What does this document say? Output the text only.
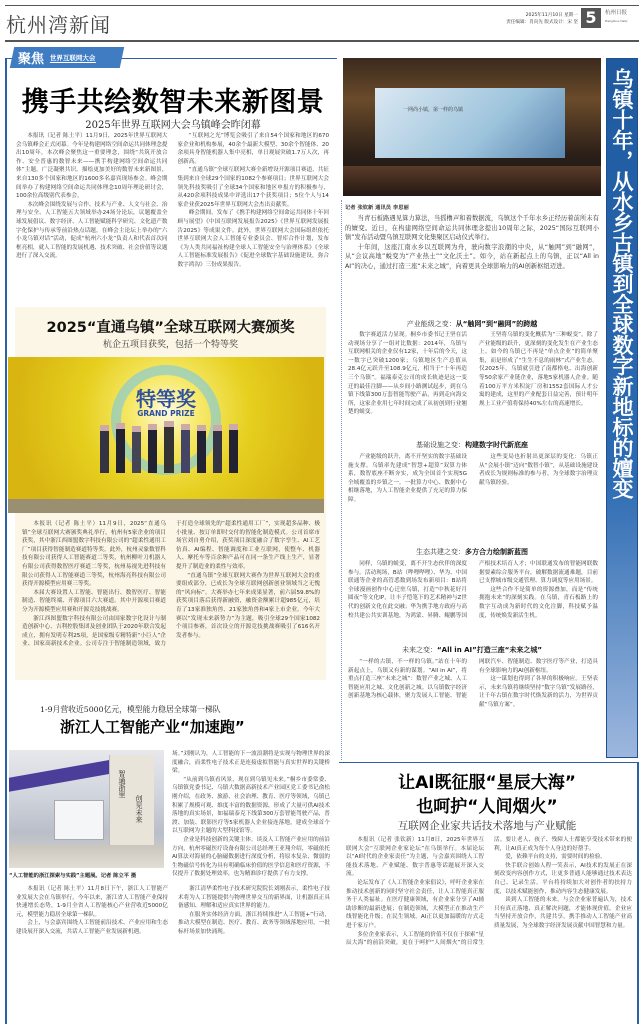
杭州湾新闻	2025年11月10日 星期一
责任编辑：肖向先 版式设计：宋 坚 5	杭州日报
Hangzhou Daily
聚焦 世界互联网大会
携手共绘数智未来新图景
2025年世界互联网大会乌镇峰会昨闭幕

本报讯（记者 陈土平）11月9日，2025年世界互联网大会乌镇峰会正式闭幕。今年是构建网络空间命运共同体理念提出10周年，本次峰会聚焦这一重要理念，围绕“共筑开放合作、安全普惠的数智未来——携手构建网络空间命运共同体”主题，广泛凝聚共识，描绘更加美好的数智未来新图景，来自130多个国家和地区的1600多名嘉宾现场参会。峰会期间举办了构建网络空间命运共同体理念10周年理论研讨会，100余位高级别代表参会。

本次峰会围绕发展与合作、技术与产业、人文与社会、治理与安全、人工智能五大领域举办24场分论坛，议题覆盖全球发展倡议、数字经济、人工智能赋能科学研究、文化遗产数字化保护与传承等前沿热点话题。在峰会主论坛上举办的“六小龙乌镇对话”活动，促成“杭州六小龙”负责人和代表首次同框亮相，就人工智能的发展机遇、技术突破、社会价值等议题进行了深入交流。

“互联网之光”博览会吸引了来自54个国家和地区的670家企业和机构参展，40余个最新大模型、30余个智能体、20余项具身智能机器人集中亮相，单日观展突破1.7万人次，再创新高。

“直通乌镇”全球互联网大赛全新增设开源项目赛道，共征集到来自全球29个国家的1082个参赛项目；世界互联网大会领先科技奖吸引了全球34个国家和地区申报方的积极参与，从420余项科技成果中评选出17个获奖项目；5位个人与14家企业获2025年世界互联网大会杰出贡献奖。

峰会期间，发布了《携手构建网络空间命运共同体十年回顾与展望》《中国互联网发展报告2025》《世界互联网发展报告2025》等成果文件。此外，世界互联网大会国际组织依托世界互联网大会人工智能专业委员会、智库合作计划，发布《为人类共同福祉构建全球人工智能安全与治理体系》《全球人工智能标准发展报告》《促进全球数字基础设施建设，弥合数字鸿沟》三份成果报告。

2025“直通乌镇”全球互联网大赛颁奖
杭企五项目获奖，包括一个特等奖
特等奖
GRAND PRIZE

本报讯（记者 陈土平）11月9日，2025“直通乌镇”全球互联网大赛颁奖典礼举行，杭州有5家企业的项目获奖，其中浙江西图盟数字科技有限公司的“超柔性通用工厂”项目获得智能制造赛道特等奖。此外，杭州灵象数智科技有限公司获得人工智能赛道二等奖，杭州柳叶刀机器人有限公司获得数智医疗赛道二等奖，杭州易视先进科技有限公司获得人工智能赛道三等奖，杭州海亮科技有限公司获得开源模型应用赛三等奖。

本届大赛设置人工智能、智能出行、数智医疗、智能制造、智能终端、开源项目六大赛道。其中开源项目赛道分为开源模型应用赛和开源竞技挑战赛。

浙江西图盟数字科技有限公司由国家数字化设计与制造创新中心、吉利控股集团及创业团队于2020年联合发起成立，拥有发明专利25项，是国家级专精特新“小巨人”企业、国家高新技术企业。公司专注于智能制造领域，致力于打造全球领先的“超柔性通用工厂”，实现超多品种、极小批量、按订单即时交付的智能化制造模式。公司首席市场官刘自勇介绍，获奖项目深度融合了数字孪生、AI工艺仿真、AI编程、智能调度和工业互联网，使整车、机器人、摩托车等百余种产品可在同一条生产线上生产，显著提升了制造业的柔性与效率。

“直通乌镇”全球互联网大赛作为世界互联网大会的重要组成部分，已成长为全球互联网创新创业领域当之无愧的“风向标”。大赛举办七年来成果显著，前六届59.8%的获奖项目落后获得新融资，融资金额累计超985亿元，培育了13家准独角兽、21家独角兽和4家上市企业。今年大赛以“发现未来新势力”为主题，吸引全球29个国家1082个项目参赛，首次设立的开源竞技挑战赛吸引了616名开发者参与。

1-9月营收近5000亿元，模型能力稳居全球第一梯队
浙江人工智能产业“加速跑”
智通浙里
创见未来
“人工智能的浙江探索与实践”主题展。记者 陈立平 摄

场。”刘刚认为，人工智能的下一波浪潮将是实现与物理世界的深度融合，而柔性电子技术正是连接虚拟智能与真实世界的关键桥梁。

“从前到乌镇看风景，现在到乌镇见未来。”桐乡市委常委、乌镇镇党委书记、乌镇大数据高新技术产业园区党工委书记俞松刚介绍，在政务、旅游、社会治理、教育、医疗等领域，乌镇已积累了规模可观、维度丰富的数据资源，形成了大量可供AI技术落地的真实场景，如福瑞泰克下线第300万套智能驾驶产品，普渡、加装、联影医疗等5家机器人企业接连落地，建成全球首个以互联网为主题的大型科技馆等。

企业是科技创新的关键主体。谈及人工智能产业应用的前沿方向，杭州零磁医疗设备有限公司总经理王亚翔介绍，零磁依托AI算法对海量的心脑磁数据进行深度分析，将原本复杂、微弱的生物磁信号转化为具有明确临床价值的医学信息和医疗资源，不仅提升了数据处理效率，也为精准诊疗提供了有力支撑。

本报讯（记者 陈土平）11月8日下午，浙江人工智能产业发展大会在乌镇举行。今年以来，浙江省人工智能产业保持快速增长态势，1-9月全省人工智能核心产业营收近5000亿元，模型能力稳居全球第一梯队。

会上，与会嘉宾围绕人工智能前沿技术、产业应用和生态建设展开深入交流，共话人工智能产业发展新机遇。

浙江清华柔性电子技术研究院院长刘刚表示，柔性电子技术将为人工智能提供与物理世界交互的新界面，让机器真正具备感知、理解和适应真实世界的能力。

在服务实体经济方面，浙江持续推进“人工智能+”行动，推动大模型在制造、医疗、教育、政务等领域落地应用，一批标杆场景加快涌现。

一网尚小镇，第一样的乌镇
记者 张钦新 通讯员 李思丽

当青石板路遇见算力算法，当摇橹声和着数据流，乌镇这个千年水乡正经历着前所未有的嬗变。近日，在构建网络空间命运共同体理念提出10周年之际，2025“国际互联网小镇”发布活动暨乌镇互联网文化集聚区启动仪式举行。

十年间，这座江南水乡以互联网为舟，驶向数字浪潮的中央，从“触网”到“融网”，从“会议高地”蜕变为“产业热土”“文化沃土”。如今，站在新起点上的乌镇，正以“All in AI”的决心，通过打造三座“未来之城”，向着更具全球影响力的AI创新枢纽迈进。

产业能级之变：从“触网”到“融网”的跨越

数字赛道活力显现。桐乡市委书记王坚在活动现场分享了一组对比数据：2014年，乌镇与互联网相关的企业仅有12家，十年后的今天，这一数字已突破1200家；乌镇地区生产总值从28.4亿元跃升至108.9亿元，相当于“十年再造三个乌镇”。福瑞泰克公司的成长轨迹是这一变迁的最佳注脚——从乡间小路测试起步，到在乌镇下线第300万套智能驾驶产品，再到走向海交所，这家企业用七年时间完成了从初创到行业翘楚的蜕变。

王坚将乌镇的变化概括为“三种蜕变”。除了产业能级的跃升，更深刻的变化发生在产业生态上。如今的乌镇已不再是“单点企业”的简单聚集，而是形成了“生生不息的雨林”式产业生态。仅2025年，乌镇就引进了南都格电、出海创新等50余家产业链企业，落地5家机器人企业。随着100万平方米积淀厂房和1552套国际人才公寓的建成，这里的产业配套日益完善，预计明年规上工业产值将保持40%左右的高速增长。

基础设施之变：构建数字时代新底座

产业能级的跃升，离不开坚实的数字基础设施支撑。乌镇率先建成“智慧+超算”双算力体系，数智底座不断夯实，成为全国首个实现5G全域覆盖的乡镇之一。一批算力中心、数据中心相继落地，为人工智能企业提供了充足的算力保障。

这些变局也折射出更深层的变化：乌镇正从“会展小镇”迈向“数智小镇”，从基础设施建设者成长为规则标准的参与者，为全球数字治理贡献乌镇经验。

生态共建之变：多方合力绘制新蓝图

同样，乌镇的蜕变，离不开生态伙伴的深度参与。活动现场，B站（哔哩哔哩）、华为、中国联通等企业的高管悉数到场发布新项目：B站将全球漫画创作中心迁驻乌镇，打造“中秋花好月圆夜”等文化IP，让丰子恺笔下的艺术精神与Z世代的创新文化在此交融；华为携手地方政府与高校共建公共实训基地，为鸿蒙、昇腾、鲲鹏等国产根技术培育人才；中国联通发布的智能网联数据要素综合服务平台，破解数据流通难题，目前已支撑城市级交通管理、算力调度等应用场景。

这些合作不是简单的资源叠加，而是“传统拥抱未来”的深刻实践。在乌镇，青石板路上的数字互动成为新时代的文化注脚，科技赋予温度，传统焕发新活生机。

未来之变：“All in AI”打造三座“未来之城”

“一样的古镇，不一样的乌镇。”站在十年的新起点上，乌镇又有新的谋划。“All in AI”，将重点打造三座“未来之城”：数智产业之城、人工智能应用之城、文化创新之城。以乌镇数字经济创新基地为核心载体，聚力发展人工智能、智能网联汽车、智能制造、数字医疗等产业，打造具有全球影响力的AI创新枢纽。

这一谋划也得到了各界的积极响应。王坚表示，未来乌镇将继续坚持“数字乌镇”发展路径，让千年古镇在数字时代焕发新的活力，为世界贡献“乌镇方案”。

乌镇十年，从水乡古镇到全球数字新地标的嬗变
让AI既征服“星辰大海”
也呵护“人间烟火”
互联网企业家共话技术落地与产业赋能

本报讯（记者 张钦新）11月8日，2025年世界互联网大会“互联网企业家论坛”在乌镇举行。本届论坛以“AI时代的企业家责任”为主题，与会嘉宾围绕人工智能技术落地、产业赋能、数字普惠等话题展开深入交流。

论坛发布了《人工智能企业家倡议》，呼吁企业家在推动技术创新的同时坚守社会责任，让人工智能真正服务于人类福祉。在医疗健康领域，有企业家分享了AI辅助诊断的最新进展；在制造领域，大模型正在推动生产线智能化升级；在民生领域，AI正以更加温暖的方式走进千家万户。

多位企业家表示，人工智能的价值不仅在于探索“星辰大海”的前沿突破，更在于呵护“人间烟火”的日常生活。要让老人、孩子、残障人士都能享受技术带来的便利，让AI真正成为每个人身边的好帮手。

爱，依赖平台的支持，需要时间的检验。

快手联合创始人程一笑表示，AI技术的发展正在深刻改变内容创作方式，让更多普通人能够通过技术表达自己、记录生活。平台将持续加大对创作者的扶持力度，以技术赋能创作，推动内容生态健康发展。

谈到人工智能的未来，与会企业家普遍认为，技术只有真正落地、真正解决问题，才能体现价值。企业应当坚持开放合作，共建共享，携手推动人工智能产业高质量发展，为全球数字经济发展贡献中国智慧和力量。
